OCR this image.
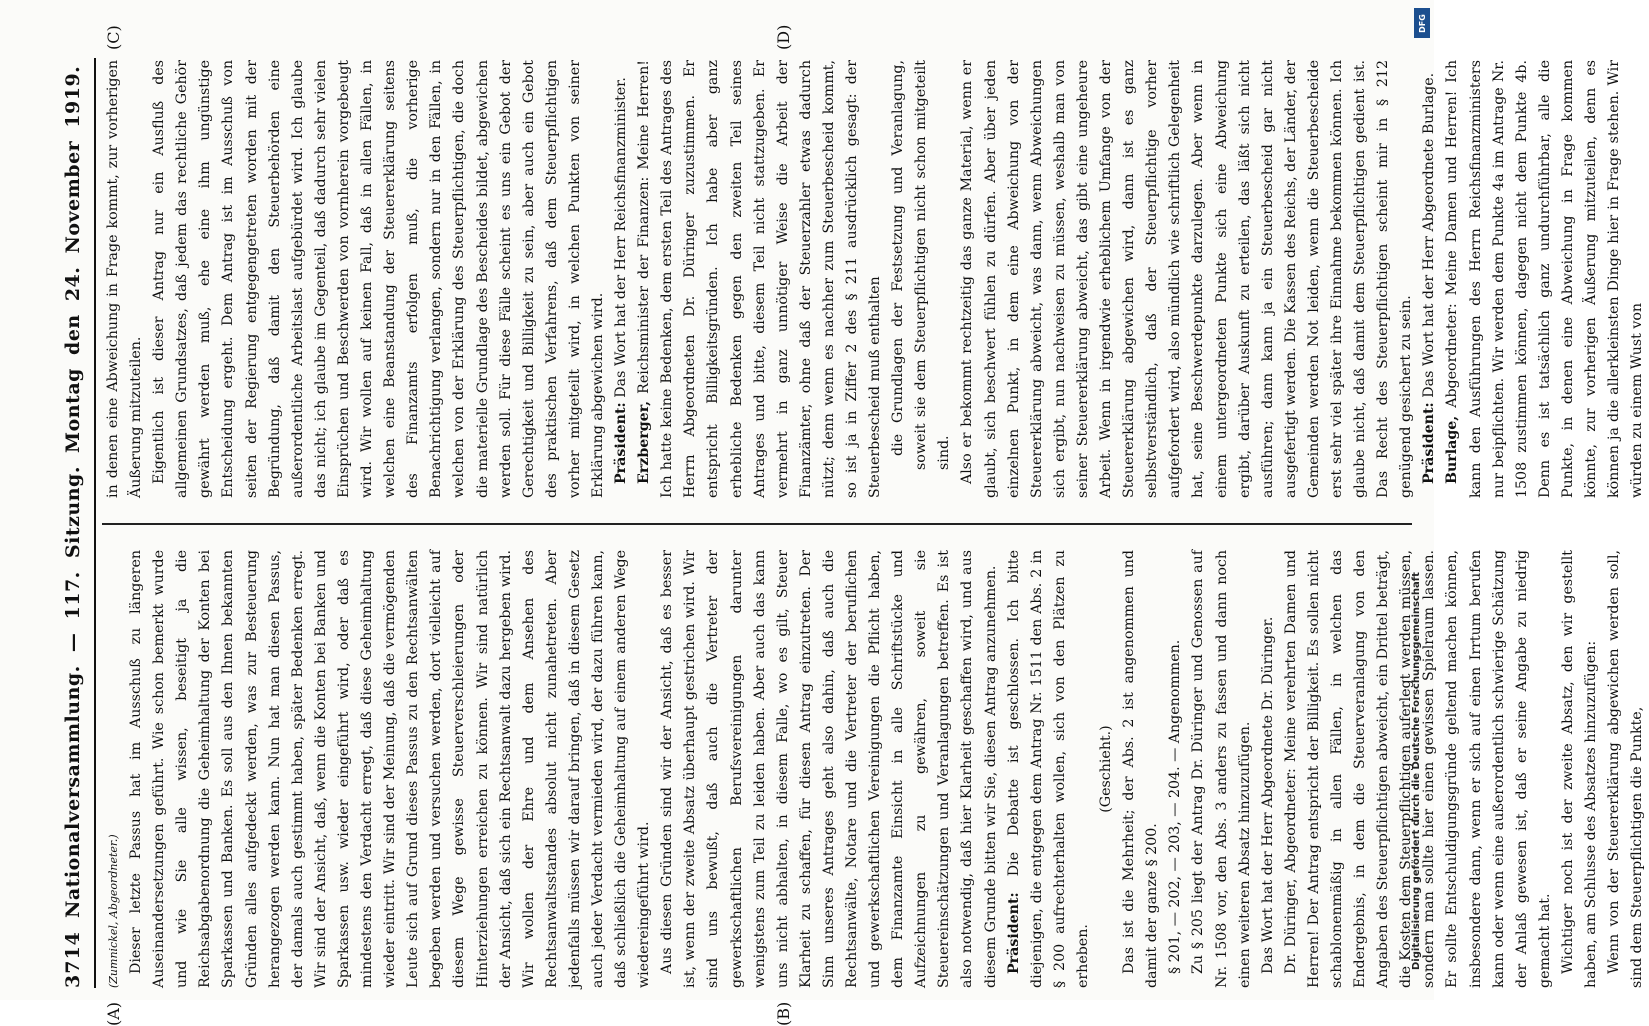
3714
Nationalversammlung. — 117. Sitzung. Montag den 24. November 1919.
(A)	(B)
(C)	(D)

(Zumnickel, Abgeordneter.) Dieser letzte Passus hat im Ausschuß zu längeren Auseinandersetzungen geführt. Wie schon bemerkt wurde und wie Sie alle wissen, beseitigt ja die Reichsabgabenordnung die Geheimhaltung der Konten bei Sparkassen und Banken. Es soll aus den Ihnen bekannten Gründen alles aufgedeckt werden, was zur Besteuerung herangezogen werden kann. Nun hat man diesen Passus, der damals auch gestimmt haben, später Bedenken erregt. Wir sind der Ansicht, daß, wenn die Konten bei Banken und Sparkassen usw. wieder eingeführt wird, oder daß es mindestens den Verdacht erregt, daß diese Geheimhaltung wieder eintritt. Wir sind der Meinung, daß die vermögenden Leute sich auf Grund dieses Passus zu den Rechtsanwälten begeben werden und versuchen werden, dort vielleicht auf diesem Wege gewisse Steuerverschleierungen oder Hinterziehungen erreichen zu können. Wir sind natürlich der Ansicht, daß sich ein Rechtsanwalt dazu hergeben wird. Wir wollen der Ehre und dem Ansehen des Rechtsanwaltsstandes absolut nicht zunahetreten. Aber jedenfalls müssen wir darauf bringen, daß in diesem Gesetz auch jeder Verdacht vermieden wird, der dazu führen kann, daß schließlich die Geheimhaltung auf einem anderen Wege wiedereingeführt wird. Aus diesen Gründen sind wir der Ansicht, daß es besser ist, wenn der zweite Absatz überhaupt gestrichen wird. Wir sind uns bewußt, daß auch die Vertreter der gewerkschaftlichen Berufsvereinigungen darunter wenigstens zum Teil zu leiden haben. Aber auch das kann uns nicht abhalten, in diesem Falle, wo es gilt, Steuer Klarheit zu schaffen, für diesen Antrag einzutreten. Der Sinn unseres Antrages geht also dahin, daß auch die Rechtsanwälte, Notare und die Vertreter der beruflichen und gewerkschaftlichen Vereinigungen die Pflicht haben, dem Finanzamte Einsicht in alle Schriftstücke und Aufzeichnungen zu gewähren, soweit sie Steuereinschätzungen und Veranlagungen betreffen. Es ist also notwendig, daß hier Klarheit geschaffen wird, und aus diesem Grunde bitten wir Sie, diesen Antrag anzunehmen. Präsident: Die Debatte ist geschlossen. Ich bitte diejenigen, die entgegen dem Antrag Nr. 1511 den Abs. 2 in § 200 aufrechterhalten wollen, sich von den Plätzen zu erheben.

(Geschieht.) Das ist die Mehrheit; der Abs. 2 ist angenommen und damit der ganze § 200. § 201, — 202, — 203, — 204. — Angenommen. Zu § 205 liegt der Antrag Dr. Düringer und Genossen auf Nr. 1508 vor, den Abs. 3 anders zu fassen und dann noch einen weiteren Absatz hinzuzufügen. Das Wort hat der Herr Abgeordnete Dr. Düringer. Dr. Düringer, Abgeordneter: Meine verehrten Damen und Herren! Der Antrag entspricht der Billigkeit. Es sollen nicht schablonenmäßig in allen Fällen, in welchen das Endergebnis, in dem die Steuerveranlagung von den Angaben des Steuerpflichtigen abweicht, ein Drittel beträgt, die Kosten dem Steuerpflichtigen auferlegt werden müssen, sondern man sollte hier einen gewissen Spielraum lassen. Er sollte Entschuldigungsgründe geltend machen können, insbesondere dann, wenn er sich auf einen Irrtum berufen kann oder wenn eine außerordentlich schwierige Schätzung der Anlaß gewesen ist, daß er seine Angabe zu niedrig gemacht hat. Wichtiger noch ist der zweite Absatz, den wir gestellt haben, am Schlusse des Absatzes hinzuzufügen: Wenn von der Steuererklärung abgewichen werden soll, sind dem Steuerpflichtigen die Punkte,

in denen eine Abweichung in Frage kommt, zur vorherigen Äußerung mitzuteilen. Eigentlich ist dieser Antrag nur ein Ausfluß des allgemeinen Grundsatzes, daß jedem das rechtliche Gehör gewährt werden muß, ehe eine ihm ungünstige Entscheidung ergeht. Dem Antrag ist im Ausschuß von seiten der Regierung entgegengetreten worden mit der Begründung, daß damit den Steuerbehörden eine außerordentliche Arbeitslast aufgebürdet wird. Ich glaube das nicht; ich glaube im Gegenteil, daß dadurch sehr vielen Einsprüchen und Beschwerden von vornherein vorgebeugt wird. Wir wollen auf keinen Fall, daß in allen Fällen, in welchen eine Beanstandung der Steuererklärung seitens des Finanzamts erfolgen muß, die vorherige Benachrichtigung verlangen, sondern nur in den Fällen, in welchen von der Erklärung des Steuerpflichtigen, die doch die materielle Grundlage des Bescheides bildet, abgewichen werden soll. Für diese Fälle scheint es uns ein Gebot der Gerechtigkeit und Billigkeit zu sein, aber auch ein Gebot des praktischen Verfahrens, daß dem Steuerpflichtigen vorher mitgeteilt wird, in welchen Punkten von seiner Erklärung abgewichen wird. Präsident: Das Wort hat der Herr Reichsfinanzminister.

Erzberger, Reichsminister der Finanzen: Meine Herren! Ich hatte keine Bedenken, dem ersten Teil des Antrages des Herrn Abgeordneten Dr. Düringer zuzustimmen. Er entspricht Billigkeitsgründen. Ich habe aber ganz erhebliche Bedenken gegen den zweiten Teil seines Antrages und bitte, diesem Teil nicht stattzugeben. Er vermehrt in ganz unnötiger Weise die Arbeit der Finanzämter, ohne daß der Steuerzahler etwas dadurch nützt; denn wenn es nachher zum Steuerbescheid kommt, so ist ja in Ziffer 2 des § 211 ausdrücklich gesagt: der Steuerbescheid muß enthalten die Grundlagen der Festsetzung und Veranlagung, soweit sie dem Steuerpflichtigen nicht schon mitgeteilt sind. Also er bekommt rechtzeitig das ganze Material, wenn er glaubt, sich beschwert fühlen zu dürfen. Aber über jeden einzelnen Punkt, in dem eine Abweichung von der Steuererklärung abweicht, was dann, wenn Abweichungen sich ergibt, nun nachweisen zu müssen, weshalb man von seiner Steuererklärung abweicht, das gibt eine ungeheure Arbeit. Wenn in irgendwie erheblichem Umfange von der Steuererklärung abgewichen wird, dann ist es ganz selbstverständlich, daß der Steuerpflichtige vorher aufgefordert wird, also mündlich wie schriftlich Gelegenheit hat, seine Beschwerdepunkte darzulegen. Aber wenn in einem untergeordneten Punkte sich eine Abweichung ergibt, darüber Auskunft zu erteilen, das läßt sich nicht ausführen; dann kann ja ein Steuerbescheid gar nicht ausgefertigt werden. Die Kassen des Reichs, der Länder, der Gemeinden werden Not leiden, wenn die Steuerbescheide erst sehr viel später ihre Einnahme bekommen können. Ich glaube nicht, daß damit dem Steuerpflichtigen gedient ist. Das Recht des Steuerpflichtigen scheint mir in § 212 genügend gesichert zu sein. Präsident: Das Wort hat der Herr Abgeordnete Burlage.

Burlage, Abgeordneter: Meine Damen und Herren! Ich kann den Ausführungen des Herrn Reichsfinanzministers nur beipflichten. Wir werden dem Punkte 4a im Antrage Nr. 1508 zustimmen können, dagegen nicht dem Punkte 4b. Denn es ist tatsächlich ganz undurchführbar, alle die Punkte, in denen eine Abweichung in Frage kommen könnte, zur vorherigen Äußerung mitzuteilen, denn es können ja die allerkleinsten Dinge hier in Frage stehen. Wir würden zu einem Wust von

DFG
Digitalisierung gefördert durch die Deutsche Forschungsgemeinschaft
